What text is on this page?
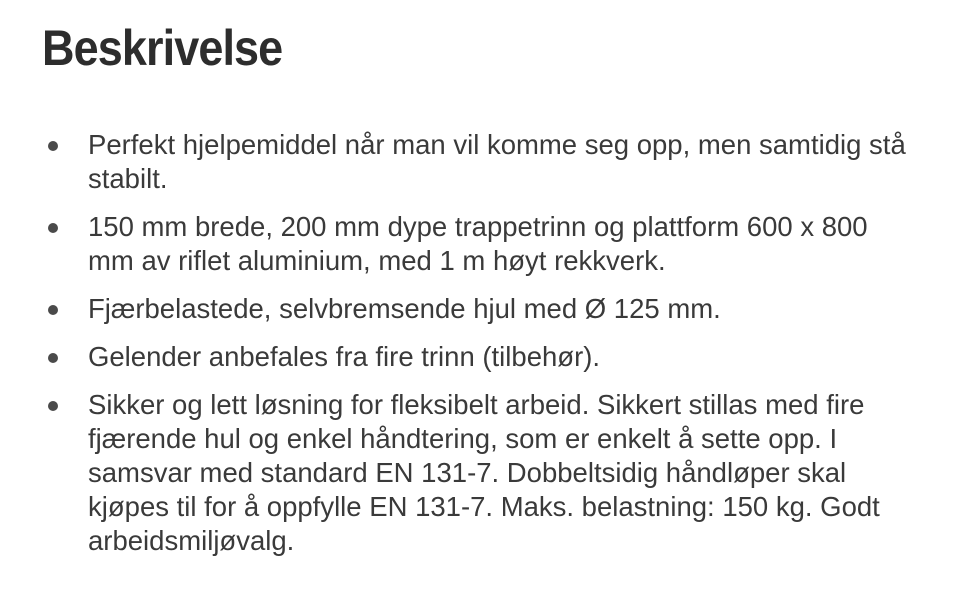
Beskrivelse
Perfekt hjelpemiddel når man vil komme seg opp, men samtidig stå stabilt.
150 mm brede, 200 mm dype trappetrinn og plattform 600 x 800 mm av riflet aluminium, med 1 m høyt rekkverk.
Fjærbelastede, selvbremsende hjul med Ø 125 mm.
Gelender anbefales fra fire trinn (tilbehør).
Sikker og lett løsning for fleksibelt arbeid. Sikkert stillas med fire fjærende hul og enkel håndtering, som er enkelt å sette opp. I samsvar med standard EN 131-7. Dobbeltsidig håndløper skal kjøpes til for å oppfylle EN 131-7. Maks. belastning: 150 kg. Godt arbeidsmiljøvalg.
